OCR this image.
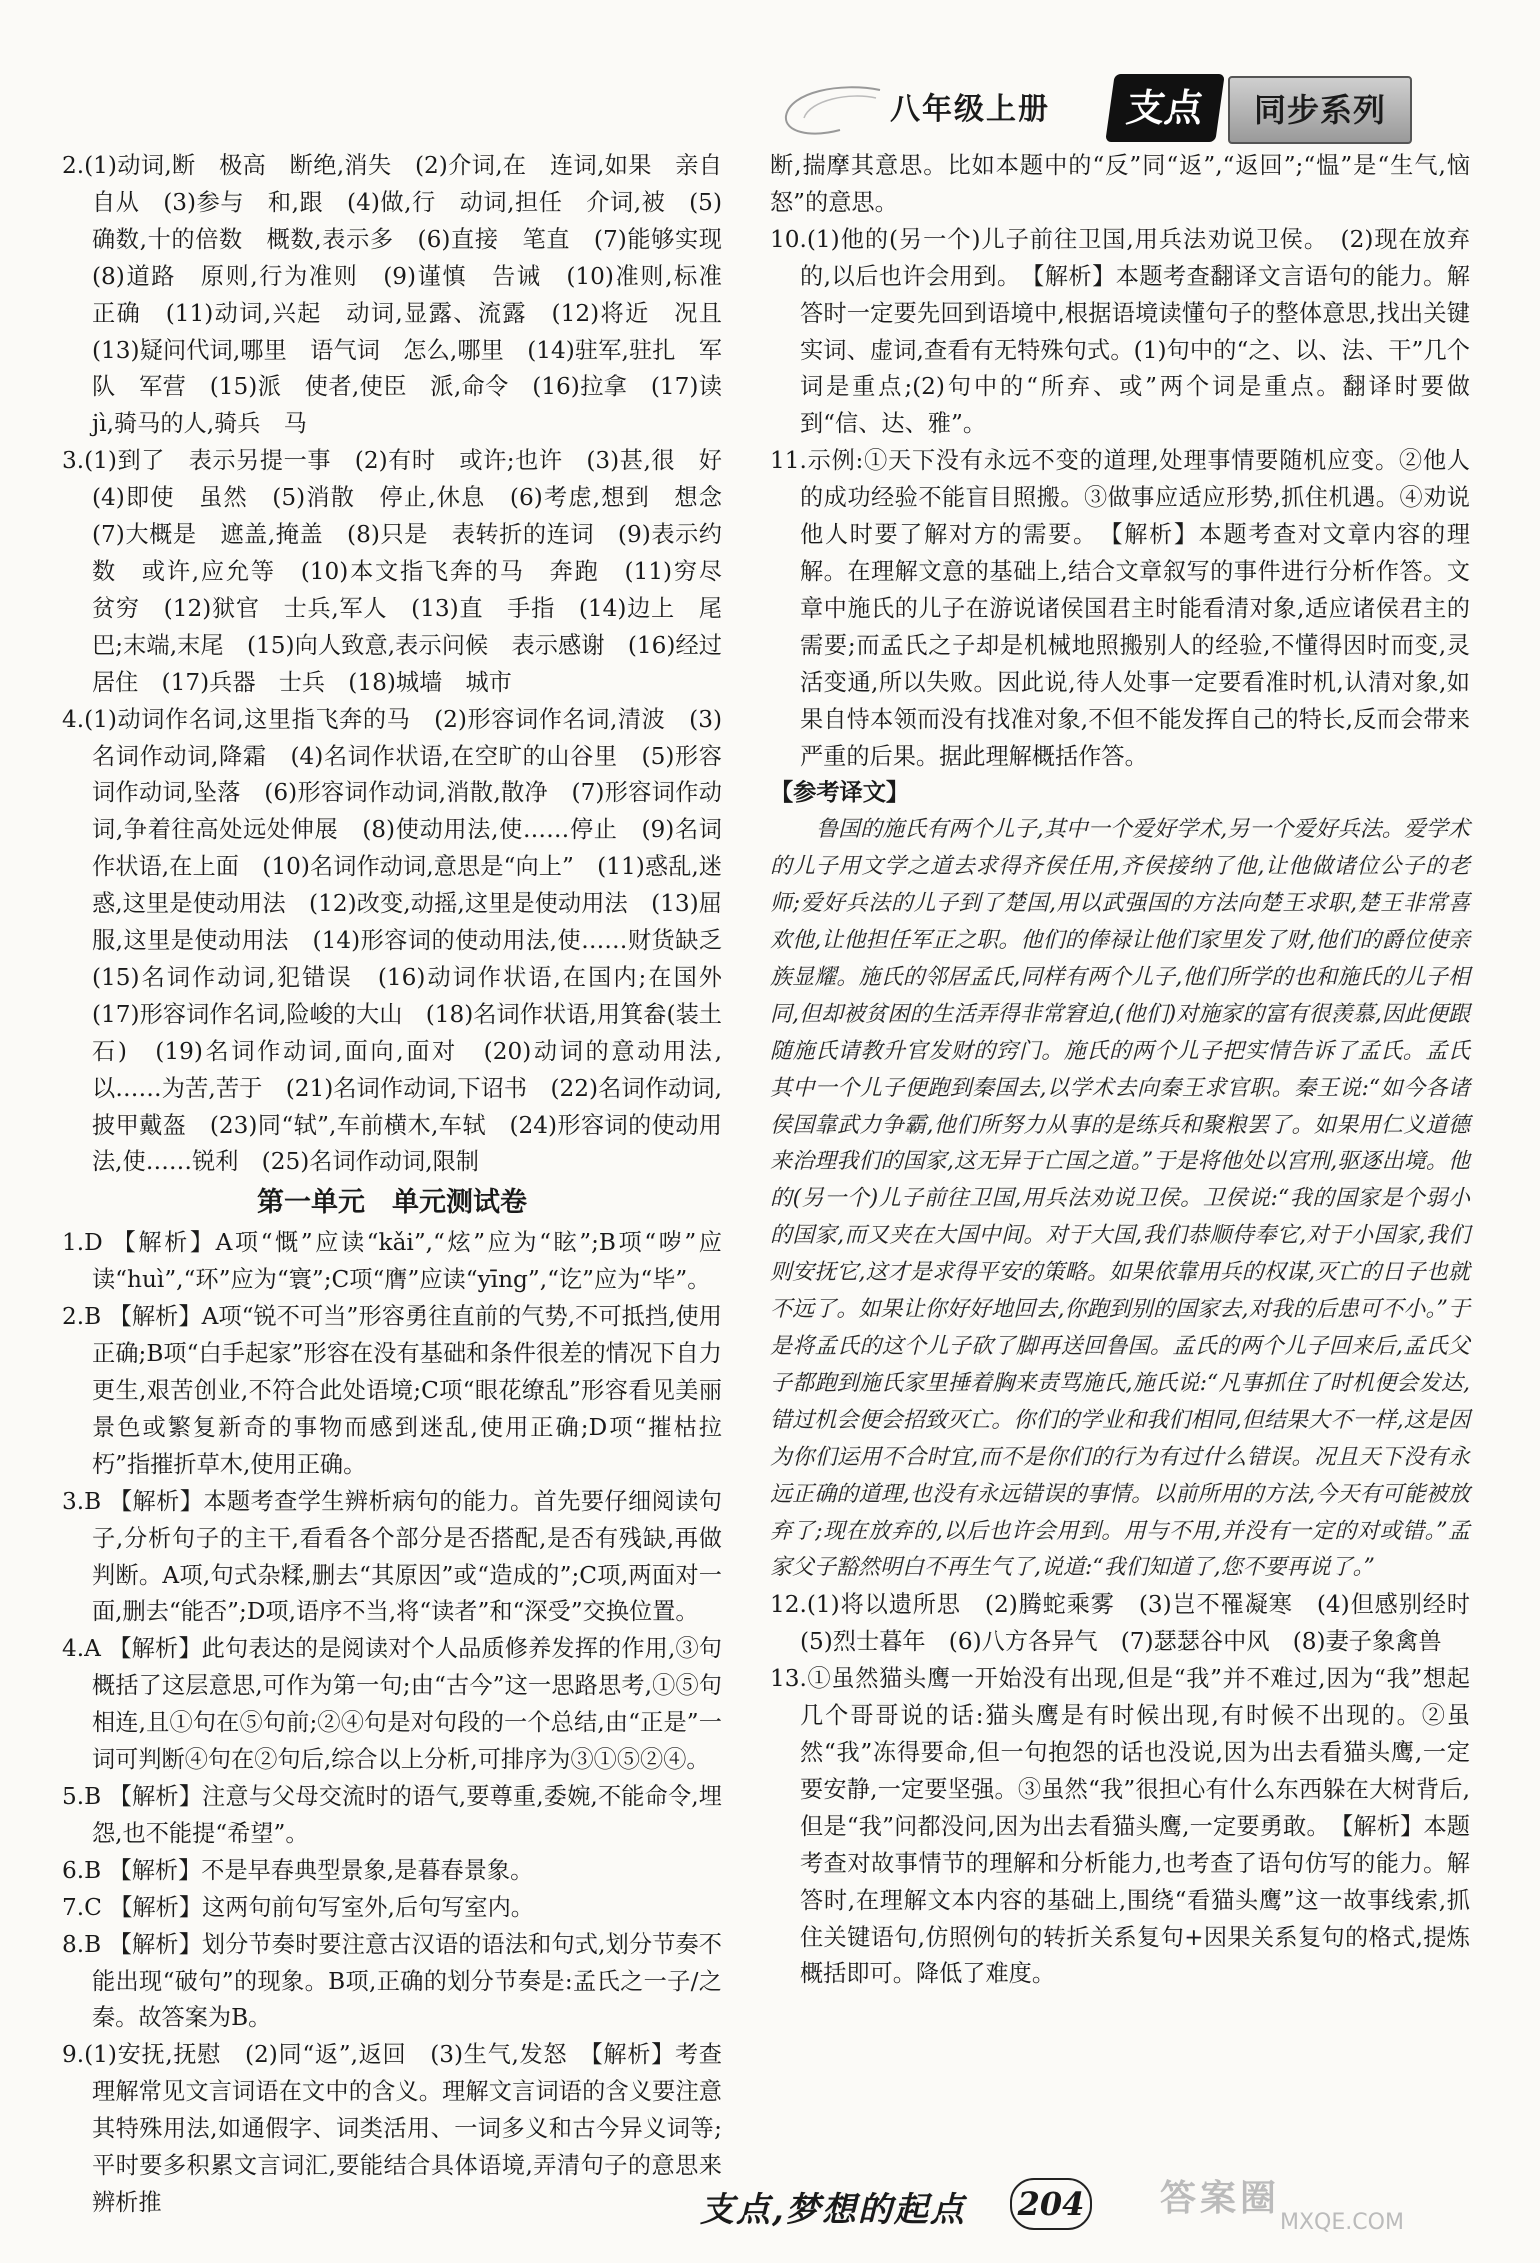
八年级上册	支点	同步系列

2.(1)动词,断　极高　断绝,消失　(2)介词,在　连词,如果　亲自　自从　(3)参与　和,跟　(4)做,行　动词,担任　介词,被　(5)确数,十的倍数　概数,表示多　(6)直接　笔直　(7)能够实现　(8)道路　原则,行为准则　(9)谨慎　告诫　(10)准则,标准　正确　(11)动词,兴起　动词,显露、流露　(12)将近　况且　(13)疑问代词,哪里　语气词　怎么,哪里　(14)驻军,驻扎　军队　军营　(15)派　使者,使臣　派,命令　(16)拉拿　(17)读jì,骑马的人,骑兵　马

3.(1)到了　表示另提一事　(2)有时　或许;也许　(3)甚,很　好　(4)即使　虽然　(5)消散　停止,休息　(6)考虑,想到　想念　(7)大概是　遮盖,掩盖　(8)只是　表转折的连词　(9)表示约数　或许,应允等　(10)本文指飞奔的马　奔跑　(11)穷尽　贫穷　(12)狱官　士兵,军人　(13)直　手指　(14)边上　尾巴;末端,末尾　(15)向人致意,表示问候　表示感谢　(16)经过　居住　(17)兵器　士兵　(18)城墙　城市

4.(1)动词作名词,这里指飞奔的马　(2)形容词作名词,清波　(3)名词作动词,降霜　(4)名词作状语,在空旷的山谷里　(5)形容词作动词,坠落　(6)形容词作动词,消散,散净　(7)形容词作动词,争着往高处远处伸展　(8)使动用法,使……停止　(9)名词作状语,在上面　(10)名词作动词,意思是“向上”　(11)惑乱,迷惑,这里是使动用法　(12)改变,动摇,这里是使动用法　(13)屈服,这里是使动用法　(14)形容词的使动用法,使……财货缺乏　(15)名词作动词,犯错误　(16)动词作状语,在国内;在国外　(17)形容词作名词,险峻的大山　(18)名词作状语,用箕畚(装土石)　(19)名词作动词,面向,面对　(20)动词的意动用法,以……为苦,苦于　(21)名词作动词,下诏书　(22)名词作动词,披甲戴盔　(23)同“轼”,车前横木,车轼　(24)形容词的使动用法,使……锐利　(25)名词作动词,限制

第一单元　单元测试卷

1.D 【解析】A项“慨”应读“kǎi”,“炫”应为“眩”;B项“哕”应读“huì”,“环”应为“寰”;C项“膺”应读“yīng”,“讫”应为“毕”。

2.B 【解析】A项“锐不可当”形容勇往直前的气势,不可抵挡,使用正确;B项“白手起家”形容在没有基础和条件很差的情况下自力更生,艰苦创业,不符合此处语境;C项“眼花缭乱”形容看见美丽景色或繁复新奇的事物而感到迷乱,使用正确;D项“摧枯拉朽”指摧折草木,使用正确。

3.B 【解析】本题考查学生辨析病句的能力。首先要仔细阅读句子,分析句子的主干,看看各个部分是否搭配,是否有残缺,再做判断。A项,句式杂糅,删去“其原因”或“造成的”;C项,两面对一面,删去“能否”;D项,语序不当,将“读者”和“深受”交换位置。

4.A 【解析】此句表达的是阅读对个人品质修养发挥的作用,③句概括了这层意思,可作为第一句;由“古今”这一思路思考,①⑤句相连,且①句在⑤句前;②④句是对句段的一个总结,由“正是”一词可判断④句在②句后,综合以上分析,可排序为③①⑤②④。

5.B 【解析】注意与父母交流时的语气,要尊重,委婉,不能命令,埋怨,也不能提“希望”。

6.B 【解析】不是早春典型景象,是暮春景象。

7.C 【解析】这两句前句写室外,后句写室内。

8.B 【解析】划分节奏时要注意古汉语的语法和句式,划分节奏不能出现“破句”的现象。B项,正确的划分节奏是:孟氏之一子/之秦。故答案为B。

9.(1)安抚,抚慰　(2)同“返”,返回　(3)生气,发怒　【解析】考查理解常见文言词语在文中的含义。理解文言词语的含义要注意其特殊用法,如通假字、词类活用、一词多义和古今异义词等;平时要多积累文言词汇,要能结合具体语境,弄清句子的意思来辨析推

断,揣摩其意思。比如本题中的“反”同“返”,“返回”;“愠”是“生气,恼怒”的意思。

10.(1)他的(另一个)儿子前往卫国,用兵法劝说卫侯。　(2)现在放弃的,以后也许会用到。　【解析】本题考查翻译文言语句的能力。解答时一定要先回到语境中,根据语境读懂句子的整体意思,找出关键实词、虚词,查看有无特殊句式。(1)句中的“之、以、法、干”几个词是重点;(2)句中的“所弃、或”两个词是重点。翻译时要做到“信、达、雅”。

11.示例:①天下没有永远不变的道理,处理事情要随机应变。②他人的成功经验不能盲目照搬。③做事应适应形势,抓住机遇。④劝说他人时要了解对方的需要。　【解析】本题考查对文章内容的理解。在理解文意的基础上,结合文章叙写的事件进行分析作答。文章中施氏的儿子在游说诸侯国君主时能看清对象,适应诸侯君主的需要;而孟氏之子却是机械地照搬别人的经验,不懂得因时而变,灵活变通,所以失败。因此说,待人处事一定要看准时机,认清对象,如果自恃本领而没有找准对象,不但不能发挥自己的特长,反而会带来严重的后果。据此理解概括作答。

【参考译文】

鲁国的施氏有两个儿子,其中一个爱好学术,另一个爱好兵法。爱学术的儿子用文学之道去求得齐侯任用,齐侯接纳了他,让他做诸位公子的老师;爱好兵法的儿子到了楚国,用以武强国的方法向楚王求职,楚王非常喜欢他,让他担任军正之职。他们的俸禄让他们家里发了财,他们的爵位使亲族显耀。施氏的邻居孟氏,同样有两个儿子,他们所学的也和施氏的儿子相同,但却被贫困的生活弄得非常窘迫,(他们)对施家的富有很羡慕,因此便跟随施氏请教升官发财的窍门。施氏的两个儿子把实情告诉了孟氏。孟氏其中一个儿子便跑到秦国去,以学术去向秦王求官职。秦王说:“如今各诸侯国靠武力争霸,他们所努力从事的是练兵和聚粮罢了。如果用仁义道德来治理我们的国家,这无异于亡国之道。”于是将他处以宫刑,驱逐出境。他的(另一个)儿子前往卫国,用兵法劝说卫侯。卫侯说:“我的国家是个弱小的国家,而又夹在大国中间。对于大国,我们恭顺侍奉它,对于小国家,我们则安抚它,这才是求得平安的策略。如果依靠用兵的权谋,灭亡的日子也就不远了。如果让你好好地回去,你跑到别的国家去,对我的后患可不小。”于是将孟氏的这个儿子砍了脚再送回鲁国。孟氏的两个儿子回来后,孟氏父子都跑到施氏家里捶着胸来责骂施氏,施氏说:“凡事抓住了时机便会发达,错过机会便会招致灭亡。你们的学业和我们相同,但结果大不一样,这是因为你们运用不合时宜,而不是你们的行为有过什么错误。况且天下没有永远正确的道理,也没有永远错误的事情。以前所用的方法,今天有可能被放弃了;现在放弃的,以后也许会用到。用与不用,并没有一定的对或错。”孟家父子豁然明白不再生气了,说道:“我们知道了,您不要再说了。”

12.(1)将以遗所思　(2)腾蛇乘雾　(3)岂不罹凝寒　(4)但感别经时　(5)烈士暮年　(6)八方各异气　(7)瑟瑟谷中风　(8)妻子象禽兽

13.①虽然猫头鹰一开始没有出现,但是“我”并不难过,因为“我”想起几个哥哥说的话:猫头鹰是有时候出现,有时候不出现的。②虽然“我”冻得要命,但一句抱怨的话也没说,因为出去看猫头鹰,一定要安静,一定要坚强。③虽然“我”很担心有什么东西躲在大树背后,但是“我”问都没问,因为出去看猫头鹰,一定要勇敢。　【解析】本题考查对故事情节的理解和分析能力,也考查了语句仿写的能力。解答时,在理解文本内容的基础上,围绕“看猫头鹰”这一故事线索,抓住关键语句,仿照例句的转折关系复句+因果关系复句的格式,提炼概括即可。降低了难度。

支点,梦想的起点 204 答案圈
MXQE.COM
